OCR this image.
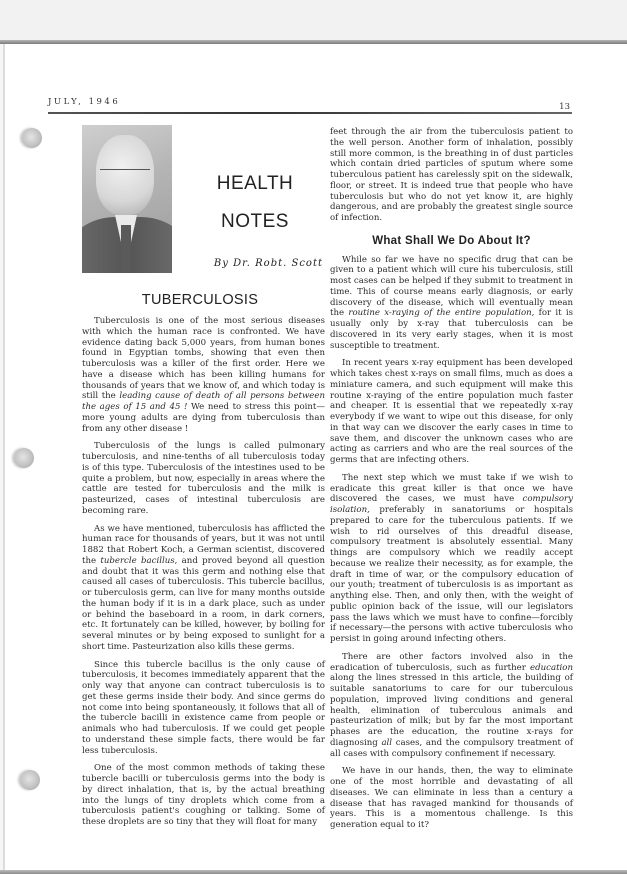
JULY, 1946	13
HEALTH
NOTES
By Dr. Robt. Scott
TUBERCULOSIS

Tuberculosis is one of the most serious diseases with which the human race is confronted. We have evidence dating back 5,000 years, from human bones found in Egyptian tombs, showing that even then tuberculosis was a killer of the first order. Here we have a disease which has been killing humans for thousands of years that we know of, and which today is still the leading cause of death of all persons between the ages of 15 and 45 ! We need to stress this point—more young adults are dying from tuberculosis than from any other disease !

Tuberculosis of the lungs is called pulmonary tuberculosis, and nine-tenths of all tuberculosis today is of this type. Tuberculosis of the intestines used to be quite a problem, but now, especially in areas where the cattle are tested for tuberculosis and the milk is pasteurized, cases of intestinal tuberculosis are becoming rare.

As we have mentioned, tuberculosis has afflicted the human race for thousands of years, but it was not until 1882 that Robert Koch, a German scientist, discovered the tubercle bacillus, and proved beyond all question and doubt that it was this germ and nothing else that caused all cases of tuberculosis. This tubercle bacillus, or tuberculosis germ, can live for many months outside the human body if it is in a dark place, such as under or behind the baseboard in a room, in dark corners, etc. It fortunately can be killed, however, by boiling for several minutes or by being exposed to sunlight for a short time. Pasteurization also kills these germs.

Since this tubercle bacillus is the only cause of tuberculosis, it becomes immediately apparent that the only way that anyone can contract tuberculosis is to get these germs inside their body. And since germs do not come into being spontaneously, it follows that all of the tubercle bacilli in existence came from people or animals who had tuberculosis. If we could get people to understand these simple facts, there would be far less tuberculosis.

One of the most common methods of taking these tubercle bacilli or tuberculosis germs into the body is by direct inhalation, that is, by the actual breathing into the lungs of tiny droplets which come from a tuberculosis patient's coughing or talking. Some of these droplets are so tiny that they will float for many

feet through the air from the tuberculosis patient to the well person. Another form of inhalation, possibly still more common, is the breathing in of dust particles which contain dried particles of sputum where some tuberculous patient has carelessly spit on the sidewalk, floor, or street. It is indeed true that people who have tuberculosis but who do not yet know it, are highly dangerous, and are probably the greatest single source of infection.

What Shall We Do About It?

While so far we have no specific drug that can be given to a patient which will cure his tuberculosis, still most cases can be helped if they submit to treatment in time. This of course means early diagnosis, or early discovery of the disease, which will eventually mean the routine x-raying of the entire population, for it is usually only by x-ray that tuberculosis can be discovered in its very early stages, when it is most susceptible to treatment.

In recent years x-ray equipment has been developed which takes chest x-rays on small films, much as does a miniature camera, and such equipment will make this routine x-raying of the entire population much faster and cheaper. It is essential that we repeatedly x-ray everybody if we want to wipe out this disease, for only in that way can we discover the early cases in time to save them, and discover the unknown cases who are acting as carriers and who are the real sources of the germs that are infecting others.

The next step which we must take if we wish to eradicate this great killer is that once we have discovered the cases, we must have compulsory isolation, preferably in sanatoriums or hospitals prepared to care for the tuberculous patients. If we wish to rid ourselves of this dreadful disease, compulsory treatment is absolutely essential. Many things are compulsory which we readily accept because we realize their necessity, as for example, the draft in time of war, or the compulsory education of our youth; treatment of tuberculosis is as important as anything else. Then, and only then, with the weight of public opinion back of the issue, will our legislators pass the laws which we must have to confine—forcibly if necessary—the persons with active tuberculosis who persist in going around infecting others.

There are other factors involved also in the eradication of tuberculosis, such as further education along the lines stressed in this article, the building of suitable sanatoriums to care for our tuberculous population, improved living conditions and general health, elimination of tuberculous animals and pasteurization of milk; but by far the most important phases are the education, the routine x-rays for diagnosing all cases, and the compulsory treatment of all cases with compulsory confinement if necessary.

We have in our hands, then, the way to eliminate one of the most horrible and devastating of all diseases. We can eliminate in less than a century a disease that has ravaged mankind for thousands of years. This is a momentous challenge. Is this generation equal to it?
